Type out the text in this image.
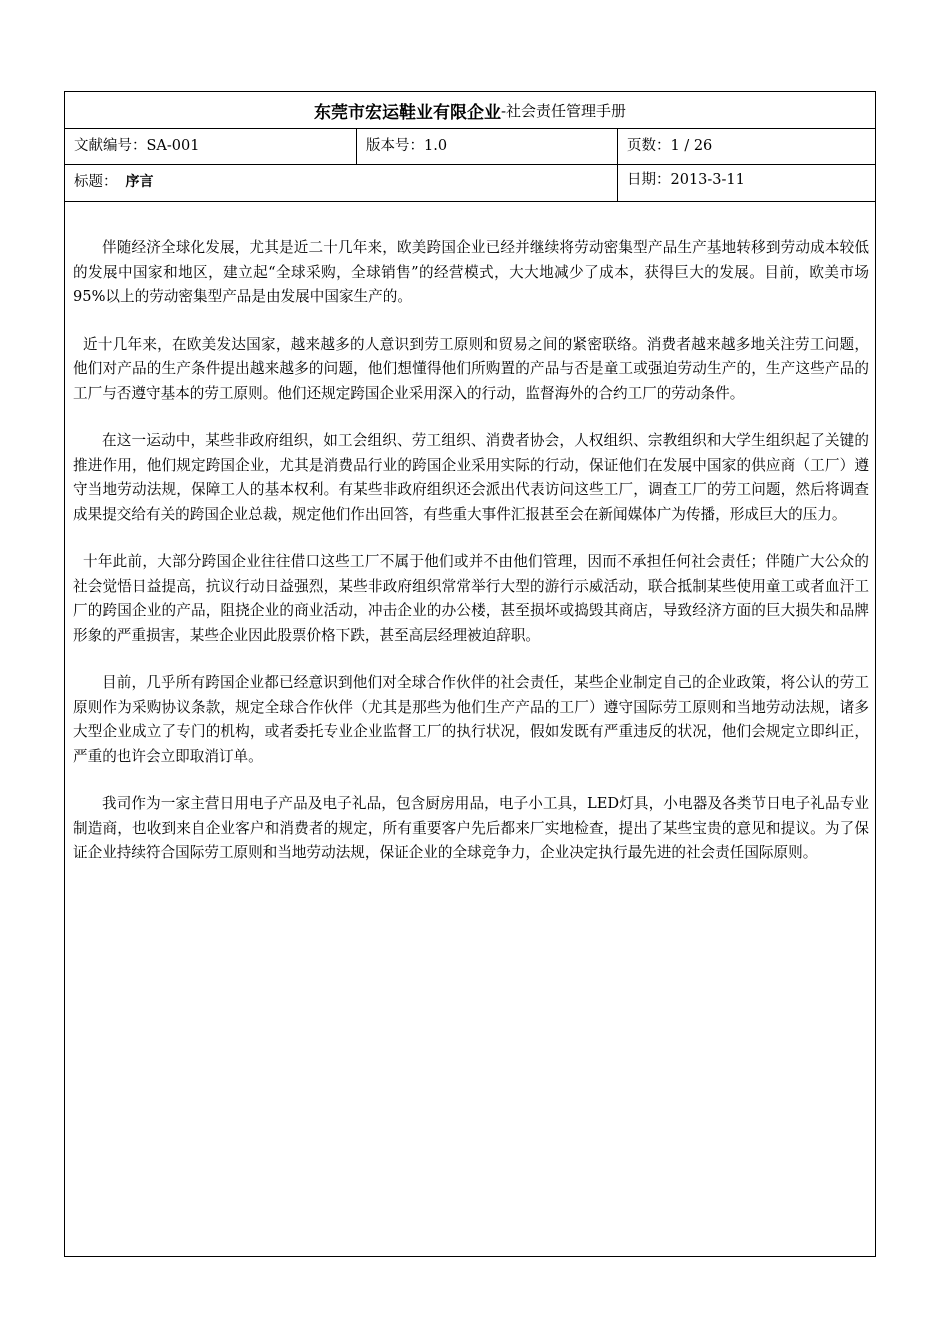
东莞市宏运鞋业有限企业 -社会责任管理手册
文献编号：SA-001	版本号：1.0	页数：1 / 26
标题： 序言	日期：2013-3-11

伴随经济全球化发展，尤其是近二十几年来，欧美跨国企业已经并继续将劳动密集型产品生产基地转移到劳动成本较低的发展中国家和地区，建立起“全球采购，全球销售”的经营模式，大大地减少了成本，获得巨大的发展。目前，欧美市场95%以上的劳动密集型产品是由发展中国家生产的。

近十几年来，在欧美发达国家，越来越多的人意识到劳工原则和贸易之间的紧密联络。消费者越来越多地关注劳工问题，他们对产品的生产条件提出越来越多的问题，他们想懂得他们所购置的产品与否是童工或强迫劳动生产的，生产这些产品的工厂与否遵守基本的劳工原则。他们还规定跨国企业采用深入的行动，监督海外的合约工厂的劳动条件。

在这一运动中，某些非政府组织，如工会组织、劳工组织、消费者协会，人权组织、宗教组织和大学生组织起了关键的推进作用，他们规定跨国企业，尤其是消费品行业的跨国企业采用实际的行动，保证他们在发展中国家的供应商（工厂）遵守当地劳动法规，保障工人的基本权利。有某些非政府组织还会派出代表访问这些工厂，调查工厂的劳工问题，然后将调查成果提交给有关的跨国企业总裁，规定他们作出回答，有些重大事件汇报甚至会在新闻媒体广为传播，形成巨大的压力。

十年此前，大部分跨国企业往往借口这些工厂不属于他们或并不由他们管理，因而不承担任何社会责任；伴随广大公众的社会觉悟日益提高，抗议行动日益强烈，某些非政府组织常常举行大型的游行示威活动，联合抵制某些使用童工或者血汗工厂的跨国企业的产品，阻挠企业的商业活动，冲击企业的办公楼，甚至损坏或捣毁其商店，导致经济方面的巨大损失和品牌形象的严重损害，某些企业因此股票价格下跌，甚至高层经理被迫辞职。

目前，几乎所有跨国企业都已经意识到他们对全球合作伙伴的社会责任，某些企业制定自己的企业政策，将公认的劳工原则作为采购协议条款，规定全球合作伙伴（尤其是那些为他们生产产品的工厂）遵守国际劳工原则和当地劳动法规，诸多大型企业成立了专门的机构，或者委托专业企业监督工厂的执行状况，假如发既有严重违反的状况，他们会规定立即纠正，严重的也许会立即取消订单。

我司作为一家主营日用电子产品及电子礼品，包含厨房用品，电子小工具，LED灯具，小电器及各类节日电子礼品专业制造商，也收到来自企业客户和消费者的规定，所有重要客户先后都来厂实地检查，提出了某些宝贵的意见和提议。为了保证企业持续符合国际劳工原则和当地劳动法规，保证企业的全球竞争力，企业决定执行最先进的社会责任国际原则。
